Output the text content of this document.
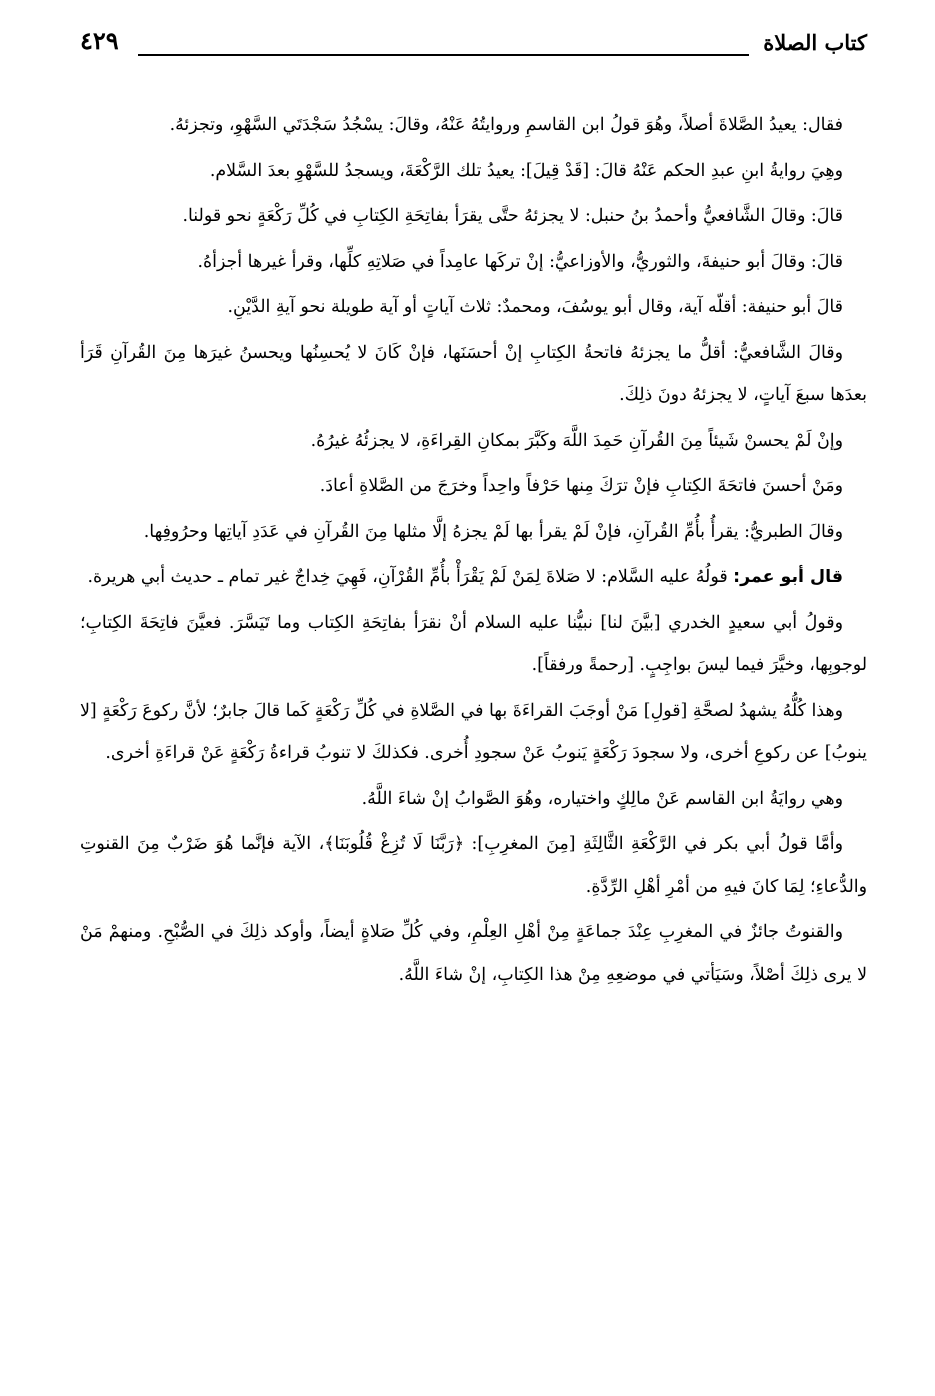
كتاب الصلاة
٤٢٩

فقال: يعيدُ الصَّلاةَ أصلاً، وهُوَ قولُ ابن القاسمِ وروايتُهُ عَنْهُ، وقالَ: يسْجُدُ سَجْدَتَي السَّهْوِ، وتجزئهُ.

وهِيَ روايةُ ابنِ عبدِ الحكم عَنْهُ قالَ: [قَدْ قِيلَ]: يعيدُ تلك الرَّكْعَةَ، ويسجدُ للسَّهْوِ بعدَ السَّلام.

قالَ: وقالَ الشَّافعيُّ وأحمدُ بنُ حنبل: لا يجزئهُ حتَّى يقرَأ بفاتِحَةِ الكِتابِ في كُلِّ رَكْعَةٍ نحو قولنا.

قالَ: وقالَ أبو حنيفةَ، والثوريُّ، والأوزاعيُّ: إنْ تركَها عامِداً في صَلاتِهِ كلِّها، وقرأ غيرها أجزأهُ.

قالَ أبو حنيفة: أقلّه آية، وقال أبو يوسُفَ، ومحمدٌ: ثلاث آياتٍ أو آية طويلة نحو آيةِ الدَّيْنِ.

وقالَ الشَّافعيُّ: أقلُّ ما يجزئهُ فاتحةُ الكِتابِ إنْ أحسَنَها، فإنْ كَانَ لا يُحسِنُها ويحسنُ غيرَها مِنَ القُرآنِ قَرَأ بعدَها سبعَ آياتٍ، لا يجزئهُ دونَ ذلِكَ.

وإنْ لَمْ يحسنْ شَيئاً مِنَ القُرآنِ حَمِدَ اللَّهَ وكَبَّرَ بمكانِ القِراءَةِ، لا يجزئُهُ غيرُهُ.

ومَنْ أحسنَ فاتحَةَ الكِتابِ فإنْ ترَكَ مِنها حَرْفاً واحِداً وخرَجَ من الصَّلاةِ أعادَ.

وقالَ الطبريُّ: يقرأُ بأُمِّ القُرآنِ، فإنْ لَمْ يقرأ بها لَمْ يجزهُ إلَّا مثلها مِنَ القُرآنِ في عَدَدِ آياتِها وحرُوفِها.

قال أبو عمر: قولُهُ عليه السَّلام: لا صَلاةَ لِمَنْ لَمْ يَقْرَأْ بأُمِّ القُرْآنِ، فَهِيَ خِداجٌ غير تمام ـ حديث أبي هريرة.

وقولُ أبي سعيدٍ الخدري [بيَّنَ لنا] نبيُّنا عليه السلام أنْ نقرَأ بفاتِحَةِ الكِتاب وما تَيَسَّرَ. فعيَّنَ فاتِحَةَ الكِتابِ؛ لوجوبِها، وخيَّرَ فيما ليسَ بواجِبٍ. [رحمةً ورفقاً].

وهذا كُلُّهُ يشهدُ لصحَّةِ [قولِ] مَنْ أوجَبَ القراءَةَ بها في الصَّلاةِ في كُلِّ رَكْعَةٍ كَما قالَ جابرٌ؛ لأنَّ ركوعَ رَكْعَةٍ [لا ينوبُ] عن ركوعِ أخرى، ولا سجودَ رَكْعَةٍ يَنوبُ عَنْ سجودِ أُخرى. فكذلكَ لا تنوبُ قراءةُ رَكْعَةٍ عَنْ قراءَةِ أخرى.

وهي روايَةُ ابن القاسم عَنْ مالِكٍ واختياره، وهُوَ الصَّوابُ إنْ شاءَ اللَّهُ.

وأمَّا قولُ أبي بكر في الرَّكْعَةِ الثَّالِثَةِ [مِنَ المغرِبِ]: ﴿رَبَّنَا لَا تُزِغْ قُلُوبَنَا﴾، الآية فإنَّما هُوَ ضَرْبٌ مِنَ القنوتِ والدُّعاءِ؛ لِمَا كانَ فيهِ من أمْرِ أهْلِ الرِّدَّةِ.

والقنوتُ جائزٌ في المغرِبِ عِنْدَ جماعَةٍ مِنْ أهْلِ العِلْمِ، وفي كُلِّ صَلاةٍ أيضاً، وأوكد ذلِكَ في الصُّبْحِ. ومنهمْ مَنْ لا يرى ذلِكَ أصْلاً، وسَيَأتي في موضعِهِ مِنْ هذا الكِتابِ، إنْ شاءَ اللَّهُ.
